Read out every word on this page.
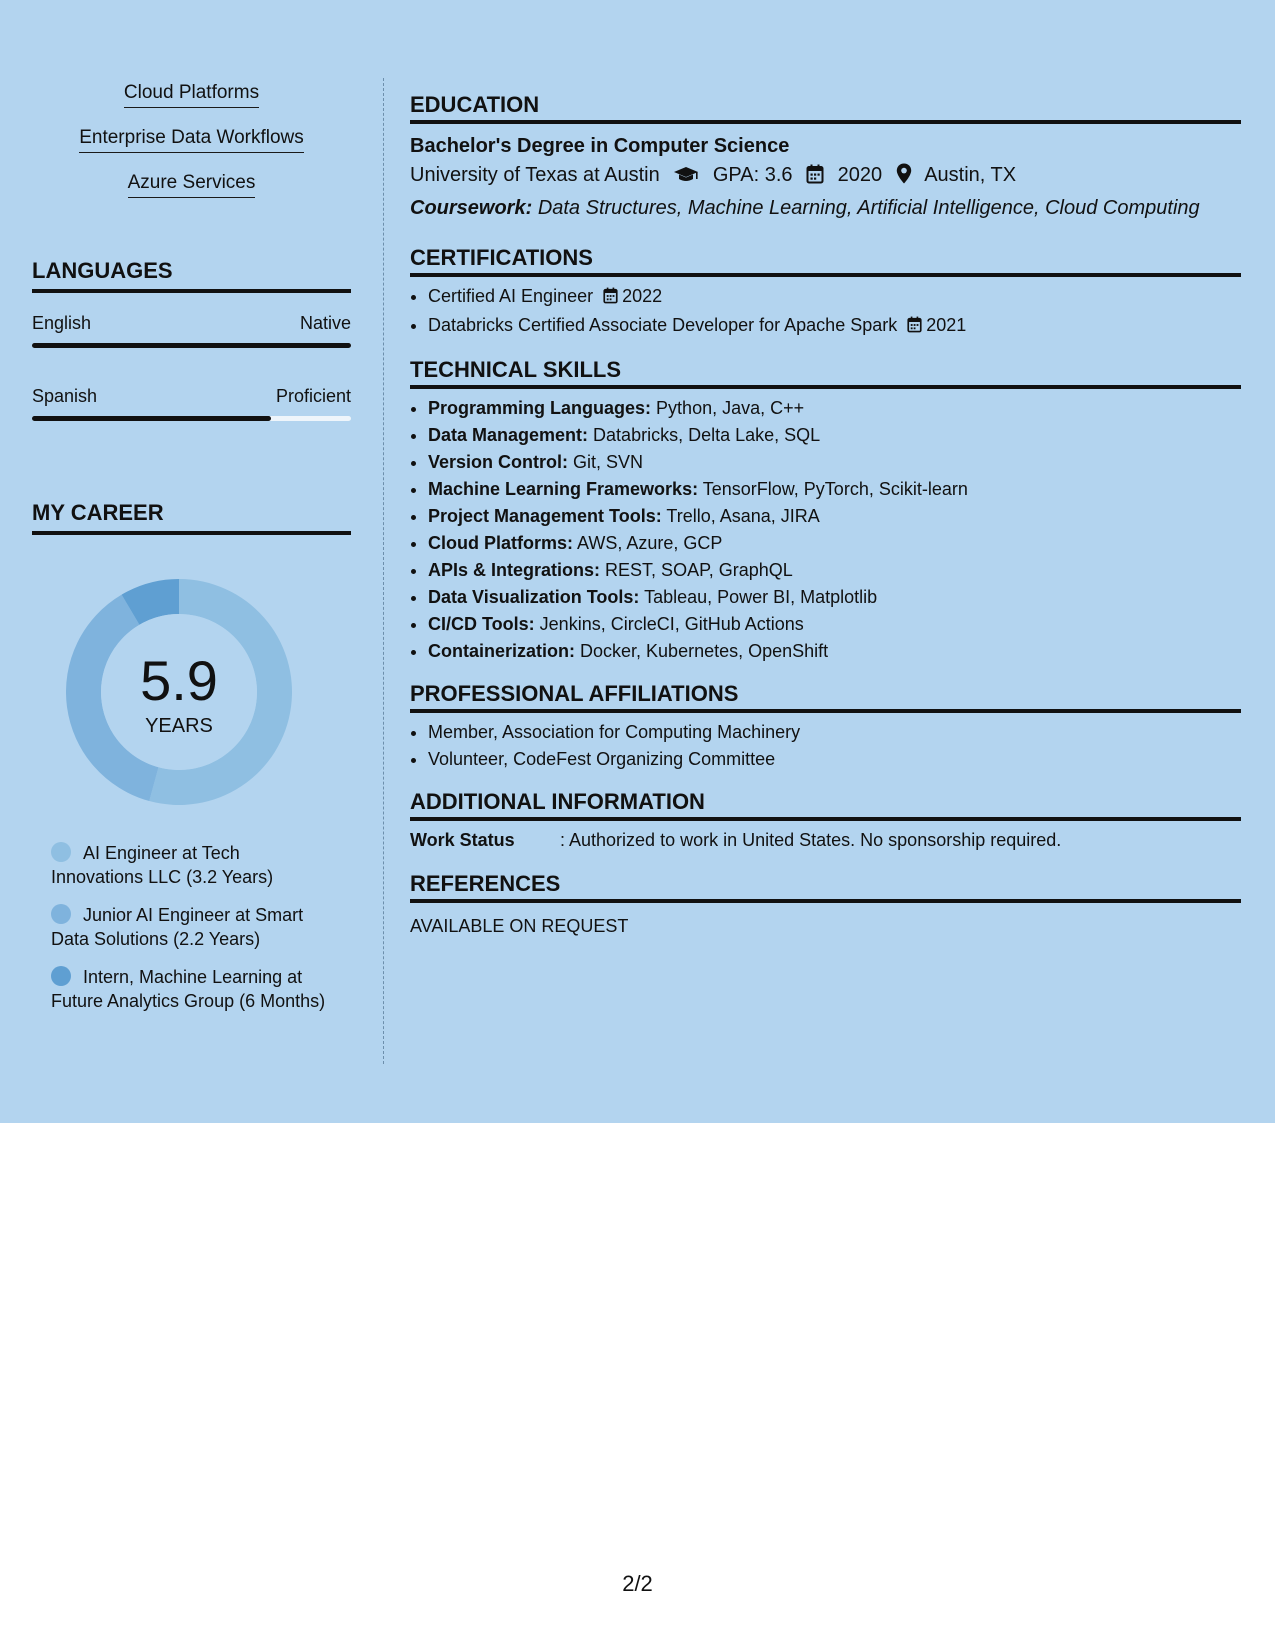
Cloud Platforms
Enterprise Data Workflows
Azure Services
LANGUAGES
English	Native
Spanish	Proficient
MY CAREER
5.9
YEARS
AI Engineer at Tech Innovations LLC (3.2 Years)
Junior AI Engineer at Smart Data Solutions (2.2 Years)
Intern, Machine Learning at Future Analytics Group (6 Months)
EDUCATION
Bachelor's Degree in Computer Science
University of Texas at Austin	GPA: 3.6 2020 Austin, TX
Coursework: Data Structures, Machine Learning, Artificial Intelligence, Cloud Computing
CERTIFICATIONS
• Certified AI Engineer 2022
• Databricks Certified Associate Developer for Apache Spark 2021
TECHNICAL SKILLS
• Programming Languages: Python, Java, C++
• Data Management: Databricks, Delta Lake, SQL
• Version Control: Git, SVN
• Machine Learning Frameworks: TensorFlow, PyTorch, Scikit-learn
• Project Management Tools: Trello, Asana, JIRA
• Cloud Platforms: AWS, Azure, GCP
• APIs & Integrations: REST, SOAP, GraphQL
• Data Visualization Tools: Tableau, Power BI, Matplotlib
• CI/CD Tools: Jenkins, CircleCI, GitHub Actions
• Containerization: Docker, Kubernetes, OpenShift
PROFESSIONAL AFFILIATIONS
• Member, Association for Computing Machinery
• Volunteer, CodeFest Organizing Committee
ADDITIONAL INFORMATION
Work Status	: Authorized to work in United States. No sponsorship required.
REFERENCES
AVAILABLE ON REQUEST
2/2
